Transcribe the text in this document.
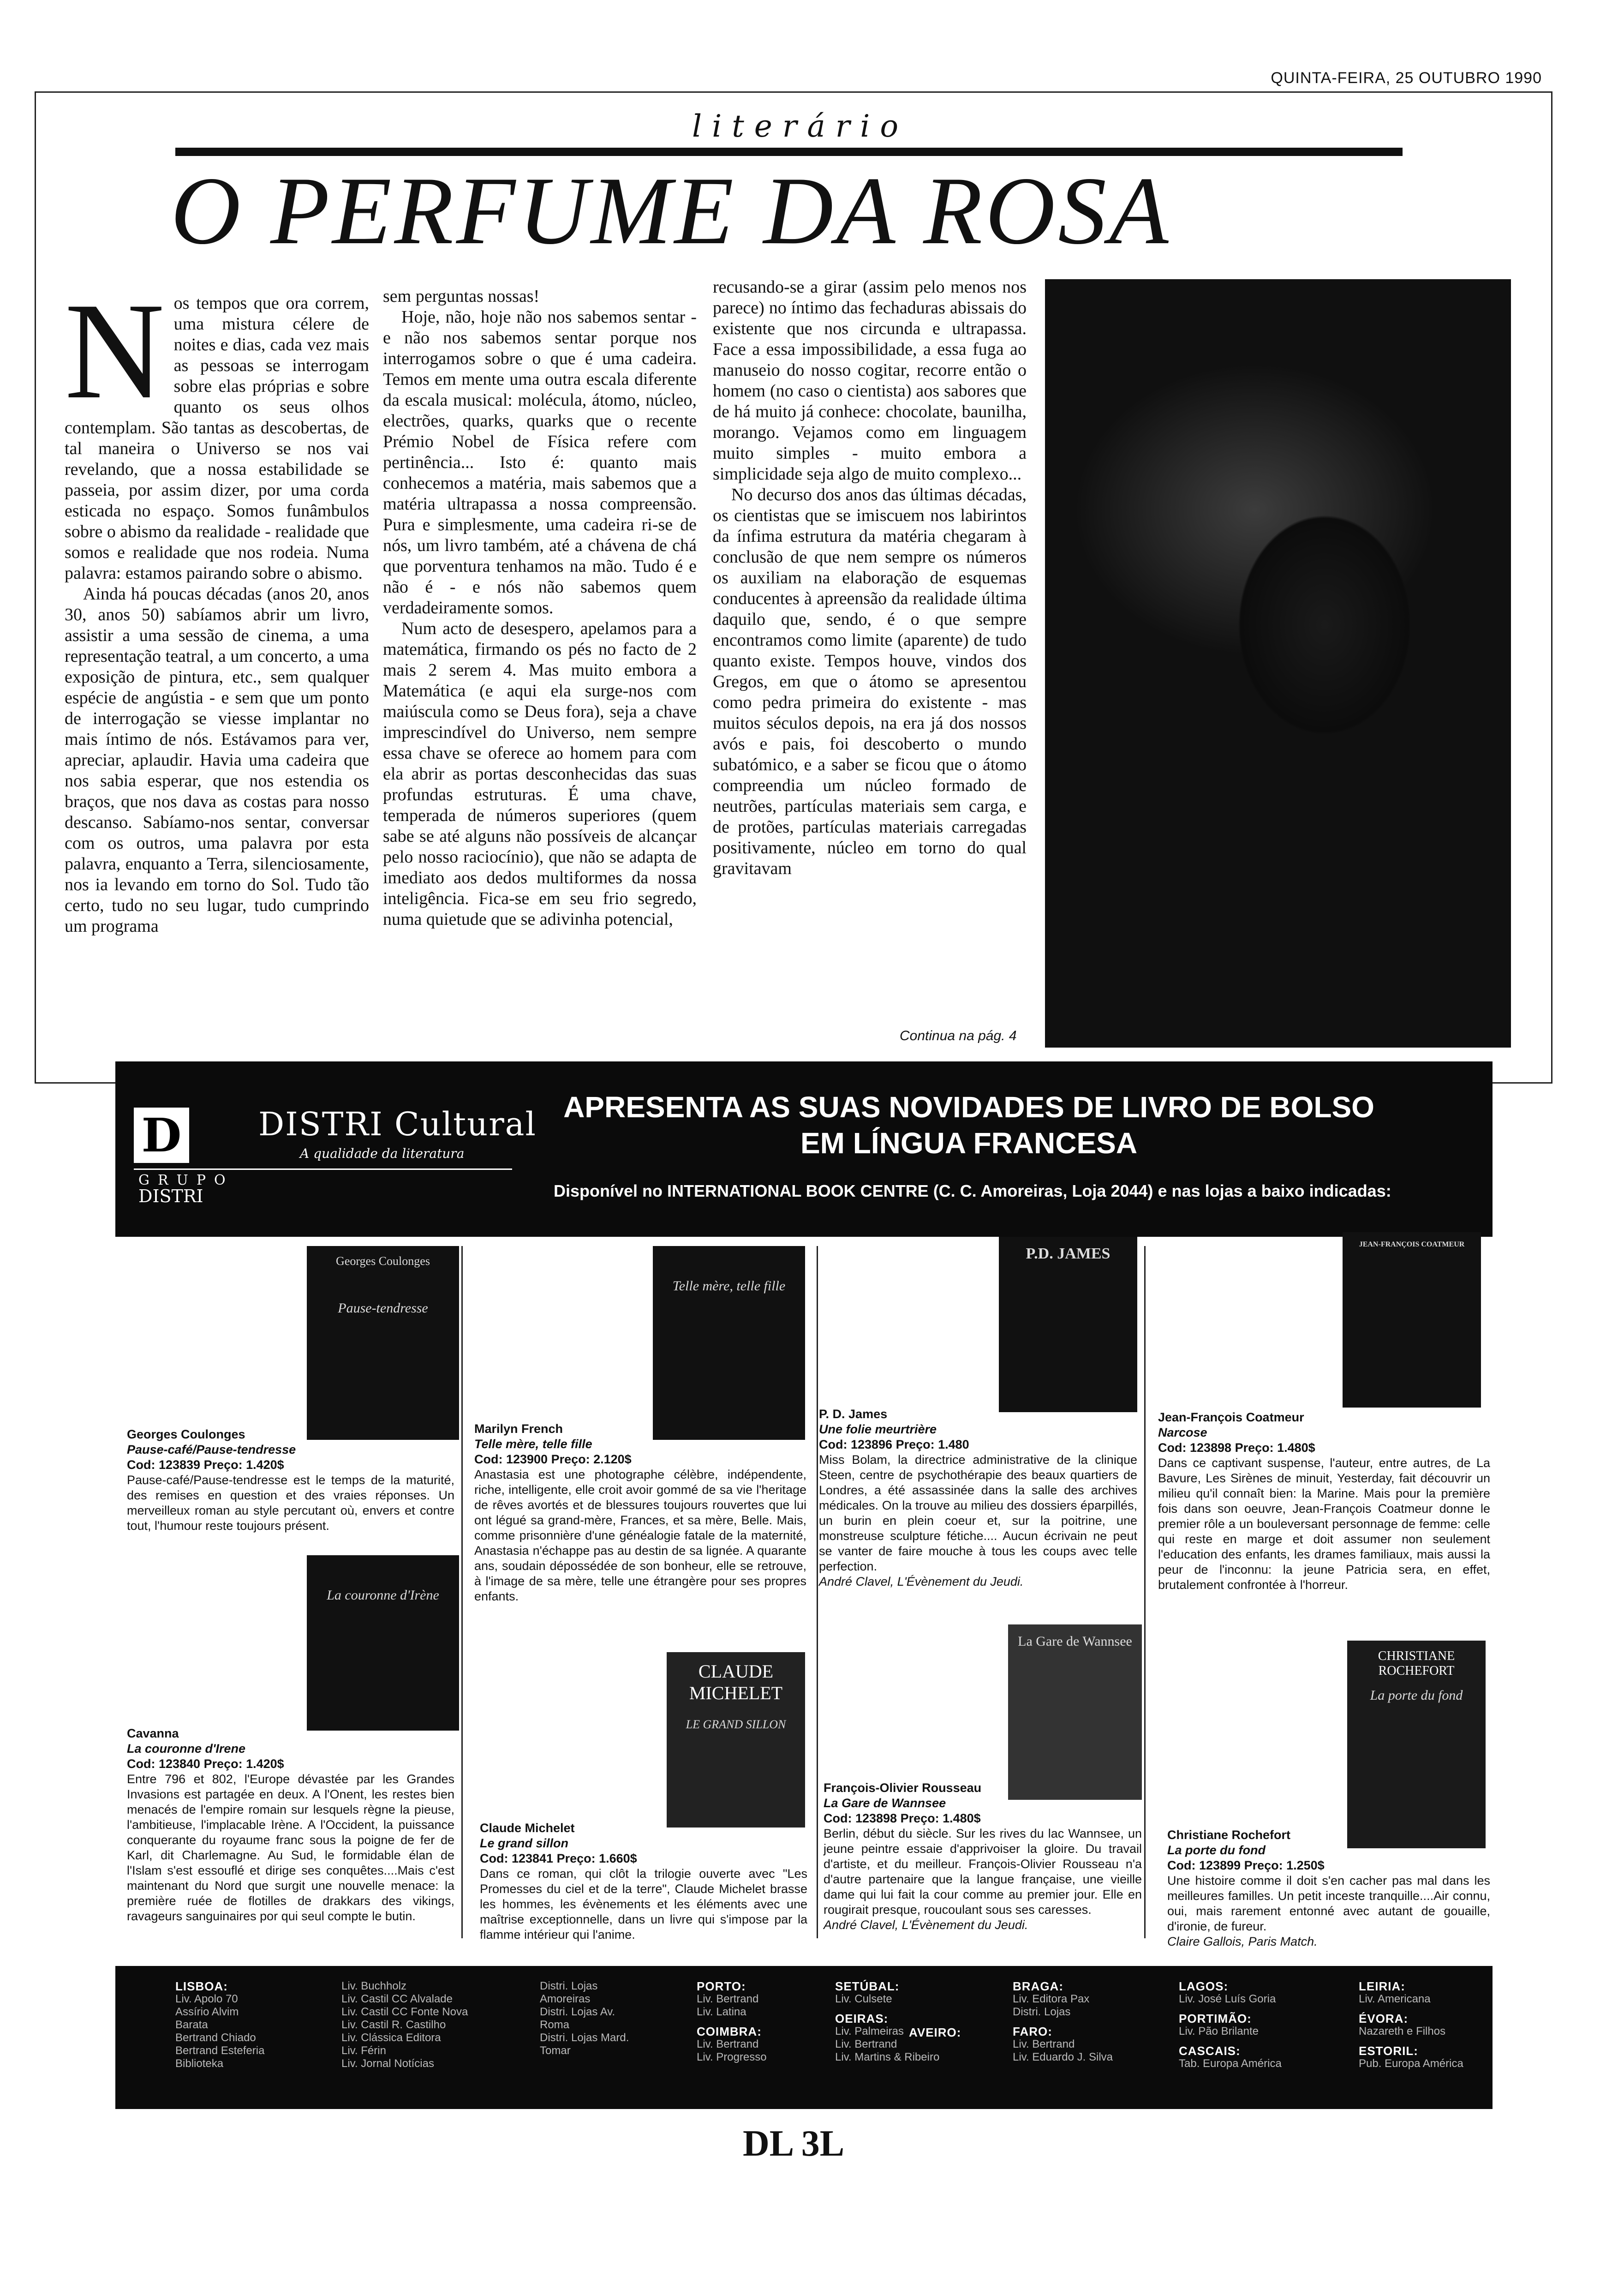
QUINTA-FEIRA, 25 OUTUBRO 1990
literário
O PERFUME DA ROSA
N os tempos que ora correm, uma mistura célere de noites e dias, cada vez mais as pessoas se interrogam sobre elas próprias e sobre quanto os seus olhos contemplam. São tantas as descobertas, de tal maneira o Universo se nos vai revelando, que a nossa estabilidade se passeia, por assim dizer, por uma corda esticada no espaço. Somos funâmbulos sobre o abismo da realidade - realidade que somos e realidade que nos rodeia. Numa palavra: estamos pairando sobre o abismo.

Ainda há poucas décadas (anos 20, anos 30, anos 50) sabíamos abrir um livro, assistir a uma sessão de cinema, a uma representação teatral, a um concerto, a uma exposição de pintura, etc., sem qualquer espécie de angústia - e sem que um ponto de interrogação se viesse implantar no mais íntimo de nós. Estávamos para ver, apreciar, aplaudir. Havia uma cadeira que nos sabia esperar, que nos estendia os braços, que nos dava as costas para nosso descanso. Sabíamo-nos sentar, conversar com os outros, uma palavra por esta palavra, enquanto a Terra, silenciosamente, nos ia levando em torno do Sol. Tudo tão certo, tudo no seu lugar, tudo cumprindo um programa

sem perguntas nossas!

Hoje, não, hoje não nos sabemos sentar - e não nos sabemos sentar porque nos interrogamos sobre o que é uma cadeira. Temos em mente uma outra escala diferente da escala musical: molécula, átomo, núcleo, electrões, quarks, quarks que o recente Prémio Nobel de Física refere com pertinência... Isto é: quanto mais conhecemos a matéria, mais sabemos que a matéria ultrapassa a nossa compreensão. Pura e simplesmente, uma cadeira ri-se de nós, um livro também, até a chávena de chá que porventura tenhamos na mão. Tudo é e não é - e nós não sabemos quem verdadeiramente somos.

Num acto de desespero, apelamos para a matemática, firmando os pés no facto de 2 mais 2 serem 4. Mas muito embora a Matemática (e aqui ela surge-nos com maiúscula como se Deus fora), seja a chave imprescindível do Universo, nem sempre essa chave se oferece ao homem para com ela abrir as portas desconhecidas das suas profundas estruturas. É uma chave, temperada de números superiores (quem sabe se até alguns não possíveis de alcançar pelo nosso raciocínio), que não se adapta de imediato aos dedos multiformes da nossa inteligência. Fica-se em seu frio segredo, numa quietude que se adivinha potencial,

recusando-se a girar (assim pelo menos nos parece) no íntimo das fechaduras abissais do existente que nos circunda e ultrapassa. Face a essa impossibilidade, a essa fuga ao manuseio do nosso cogitar, recorre então o homem (no caso o cientista) aos sabores que de há muito já conhece: chocolate, baunilha, morango. Vejamos como em linguagem muito simples - muito embora a simplicidade seja algo de muito complexo...

No decurso dos anos das últimas décadas, os cientistas que se imiscuem nos labirintos da ínfima estrutura da matéria chegaram à conclusão de que nem sempre os números os auxiliam na elaboração de esquemas conducentes à apreensão da realidade última daquilo que, sendo, é o que sempre encontramos como limite (aparente) de tudo quanto existe. Tempos houve, vindos dos Gregos, em que o átomo se apresentou como pedra primeira do existente - mas muitos séculos depois, na era já dos nossos avós e pais, foi descoberto o mundo subatómico, e a saber se ficou que o átomo compreendia um núcleo formado de neutrões, partículas materiais sem carga, e de protões, partículas materiais carregadas positivamente, núcleo em torno do qual gravitavam

Continua na pág. 4
D DISTRI Cultural
A qualidade da literatura
GRUPO
DISTRI
APRESENTA AS SUAS NOVIDADES DE LIVRO DE BOLSO
EM LÍNGUA FRANCESA
Disponível no INTERNATIONAL BOOK CENTRE (C. C. Amoreiras, Loja 2044) e nas lojas a baixo indicadas:
Georges Coulonges
Pause-tendresse
Georges Coulonges
Pause-café/Pause-tendresse
Cod: 123839 Preço: 1.420$
Pause-café/Pause-tendresse est le temps de la maturité, des remises en question et des vraies réponses. Un merveilleux roman au style percutant où, envers et contre tout, l'humour reste toujours présent.
La couronne d'Irène
Cavanna
La couronne d'Irene
Cod: 123840 Preço: 1.420$
Entre 796 et 802, l'Europe dévastée par les Grandes Invasions est partagée en deux. A l'Onent, les restes bien menacés de l'empire romain sur lesquels règne la pieuse, l'ambitieuse, l'implacable Irène. A l'Occident, la puissance conquerante du royaume franc sous la poigne de fer de Karl, dit Charlemagne. Au Sud, le formidable élan de l'Islam s'est essouflé et dirige ses conquêtes....Mais c'est maintenant du Nord que surgit une nouvelle menace: la première ruée de flotilles de drakkars des vikings, ravageurs sanguinaires por qui seul compte le butin.
Telle mère, telle fille
Marilyn French
Telle mère, telle fille
Cod: 123900 Preço: 2.120$
Anastasia est une photographe célèbre, indépendente, riche, intelligente, elle croit avoir gommé de sa vie l'heritage de rêves avortés et de blessures toujours rouvertes que lui ont légué sa grand-mère, Frances, et sa mère, Belle. Mais, comme prisonnière d'une généalogie fatale de la maternité, Anastasia n'échappe pas au destin de sa lignée. A quarante ans, soudain dépossédée de son bonheur, elle se retrouve, à l'image de sa mère, telle une étrangère pour ses propres enfants.
CLAUDE MICHELET
LE GRAND SILLON
Claude Michelet
Le grand sillon
Cod: 123841 Preço: 1.660$
Dans ce roman, qui clôt la trilogie ouverte avec "Les Promesses du ciel et de la terre", Claude Michelet brasse les hommes, les évènements et les éléments avec une maîtrise exceptionnelle, dans un livre qui s'impose par la flamme intérieur qui l'anime.
P.D. JAMES
P. D. James
Une folie meurtrière
Cod: 123896 Preço: 1.480
Miss Bolam, la directrice administrative de la clinique Steen, centre de psychothérapie des beaux quartiers de Londres, a été assassinée dans la salle des archives médicales. On la trouve au milieu des dossiers éparpillés, un burin en plein coeur et, sur la poitrine, une monstreuse sculpture fétiche.... Aucun écrivain ne peut se vanter de faire mouche à tous les coups avec telle perfection.
André Clavel, L'Évènement du Jeudi.
La Gare de Wannsee
François-Olivier Rousseau
La Gare de Wannsee
Cod: 123898 Preço: 1.480$
Berlin, début du siècle. Sur les rives du lac Wannsee, un jeune peintre essaie d'apprivoiser la gloire. Du travail d'artiste, et du meilleur. François-Olivier Rousseau n'a d'autre partenaire que la langue française, une vieille dame qui lui fait la cour comme au premier jour. Elle en rougirait presque, roucoulant sous ses caresses.
André Clavel, L'Évènement du Jeudi.
JEAN-FRANÇOIS COATMEUR
Jean-François Coatmeur
Narcose
Cod: 123898 Preço: 1.480$
Dans ce captivant suspense, l'auteur, entre autres, de La Bavure, Les Sirènes de minuit, Yesterday, fait découvrir un milieu qu'il connaît bien: la Marine. Mais pour la première fois dans son oeuvre, Jean-François Coatmeur donne le premier rôle a un bouleversant personnage de femme: celle qui reste en marge et doit assumer non seulement l'education des enfants, les drames familiaux, mais aussi la peur de l'inconnu: la jeune Patricia sera, en effet, brutalement confrontée à l'horreur.
CHRISTIANE ROCHEFORT
La porte du fond
Christiane Rochefort
La porte du fond
Cod: 123899 Preço: 1.250$
Une histoire comme il doit s'en cacher pas mal dans les meilleures familles. Un petit inceste tranquille....Air connu, oui, mais rarement entonné avec autant de gouaille, d'ironie, de fureur.
Claire Gallois, Paris Match.
LISBOA:
Liv. Apolo 70
Assírio Alvim
Barata
Bertrand Chiado
Bertrand Esteferia
Biblioteka
Liv. Buchholz
Liv. Castil CC Alvalade
Liv. Castil CC Fonte Nova
Liv. Castil R. Castilho
Liv. Clássica Editora
Liv. Férin
Liv. Jornal Notícias
Distri. Lojas Amoreiras
Distri. Lojas Av. Roma
Distri. Lojas Mard. Tomar
PORTO:
Liv. Bertrand
Liv. Latina
COIMBRA:
Liv. Bertrand
Liv. Progresso
SETÚBAL:
Liv. Culsete
OEIRAS:
Liv. Palmeiras
Liv. Bertrand
Liv. Martins & Ribeiro
AVEIRO:
BRAGA:
Liv. Editora Pax
Distri. Lojas
FARO:
Liv. Bertrand
Liv. Eduardo J. Silva
LAGOS:
Liv. José Luís Goria
PORTIMÃO:
Liv. Pão Brilante
CASCAIS:
Tab. Europa América
LEIRIA:
Liv. Americana
ÉVORA:
Nazareth e Filhos
ESTORIL:
Pub. Europa América
DL 3L
